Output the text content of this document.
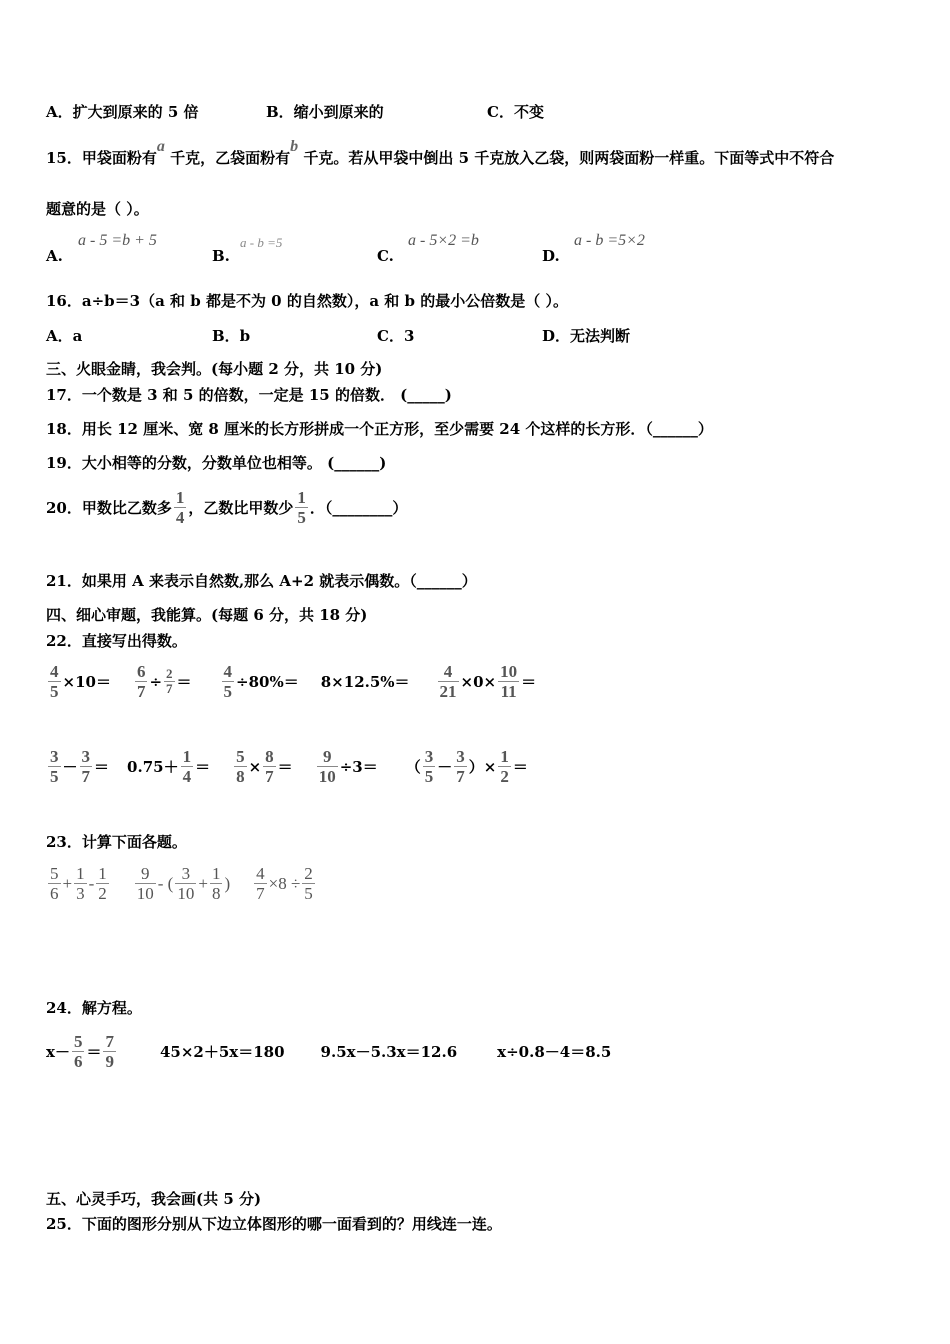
A．扩大到原来的 5 倍	B．缩小到原来的	C．不变
15．甲袋面粉有a 千克，乙袋面粉有b 千克。若从甲袋中倒出 5 千克放入乙袋，则两袋面粉一样重。下面等式中不符合
题意的是（ ）。
A.
a - 5 =b + 5
B.
a - b =5
C.
a - 5×2 =b
D.
a - b =5×2
16．a÷b＝3（a 和 b 都是不为 0 的自然数），a 和 b 的最小公倍数是（ ）。
A．a	B．b	C．3	D．无法判断
三、火眼金睛，我会判。(每小题 2 分，共 10 分)
17．一个数是 3 和 5 的倍数，一定是 15 的倍数． (_____)
18．用长 12 厘米、宽 8 厘米的长方形拼成一个正方形，至少需要 24 个这样的长方形．（______）
19．大小相等的分数，分数单位也相等。 (______)
20．甲数比乙数多 $\frac{1}{4}$ ，乙数比甲数少 $\frac{1}{5}$ ．（________）
21．如果用 A 来表示自然数,那么 A+2 就表示偶数。（______）
四、细心审题，我能算。(每题 6 分，共 18 分)
22．直接写出得数。
$\frac{4}{5} \times 10= \frac{6}{7} \div \frac{2}{7} = \frac{4}{5} \div 80\%= 8\times 12.5\%= \frac{4}{21} \times 0\times \frac{10}{11}$ ＝
$\frac{3}{5} - \frac{3}{7} = 0.75+ \frac{1}{4} = \frac{5}{8} \times \frac{8}{7} = \frac{9}{10} \div 3=$ （ $\frac{3}{5} - \frac{3}{7}$ ）× $\frac{1}{2}$ ＝
23．计算下面各题。
$\frac{5}{6} + \frac{1}{3} - \frac{1}{2} \frac{9}{10}$ - ( $\frac{3}{10} + \frac{1}{8}$ ) $\frac{4}{7} \times 8 \div \frac{2}{5}$
24．解方程。
$x- \frac{5}{6} = \frac{7}{9}$	45×2＋5x＝180 9.5x－5.3x＝12.6	x÷0.8－4＝8.5
五、心灵手巧，我会画(共 5 分)
25．下面的图形分别从下边立体图形的哪一面看到的？用线连一连。
